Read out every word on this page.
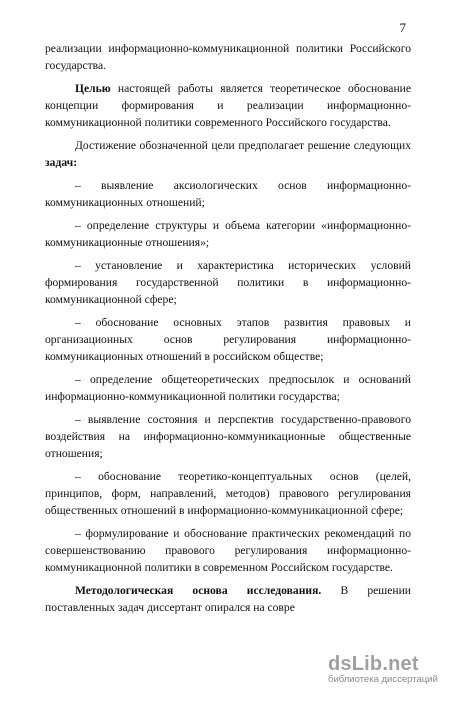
7

реализации информационно-коммуникационной политики Российского государства.

Целью настоящей работы является теоретическое обоснование концепции формирования и реализации информационно-коммуникационной политики современного Российского государства.

Достижение обозначенной цели предполагает решение следующих задач:

– выявление аксиологических основ информационно-коммуникационных отношений;

– определение структуры и объема категории «информационно-коммуникационные отношения»;

– установление и характеристика исторических условий формирования государственной политики в информационно-коммуникационной сфере;

– обоснование основных этапов развития правовых и организационных основ регулирования информационно-коммуникационных отношений в российском обществе;

– определение общетеоретических предпосылок и оснований информационно-коммуникационной политики государства;

– выявление состояния и перспектив государственно-правового воздействия на информационно-коммуникационные общественные отношения;

– обоснование теоретико-концептуальных основ (целей, принципов, форм, направлений, методов) правового регулирования общественных отношений в информационно-коммуникационной сфере;

– формулирование и обоснование практических рекомендаций по совершенствованию правового регулирования информационно-коммуникационной политики в современном Российском государстве.

Методологическая основа исследования. В решении поставленных задач диссертант опирался на совре

dsLib.net
библиотека диссертаций
